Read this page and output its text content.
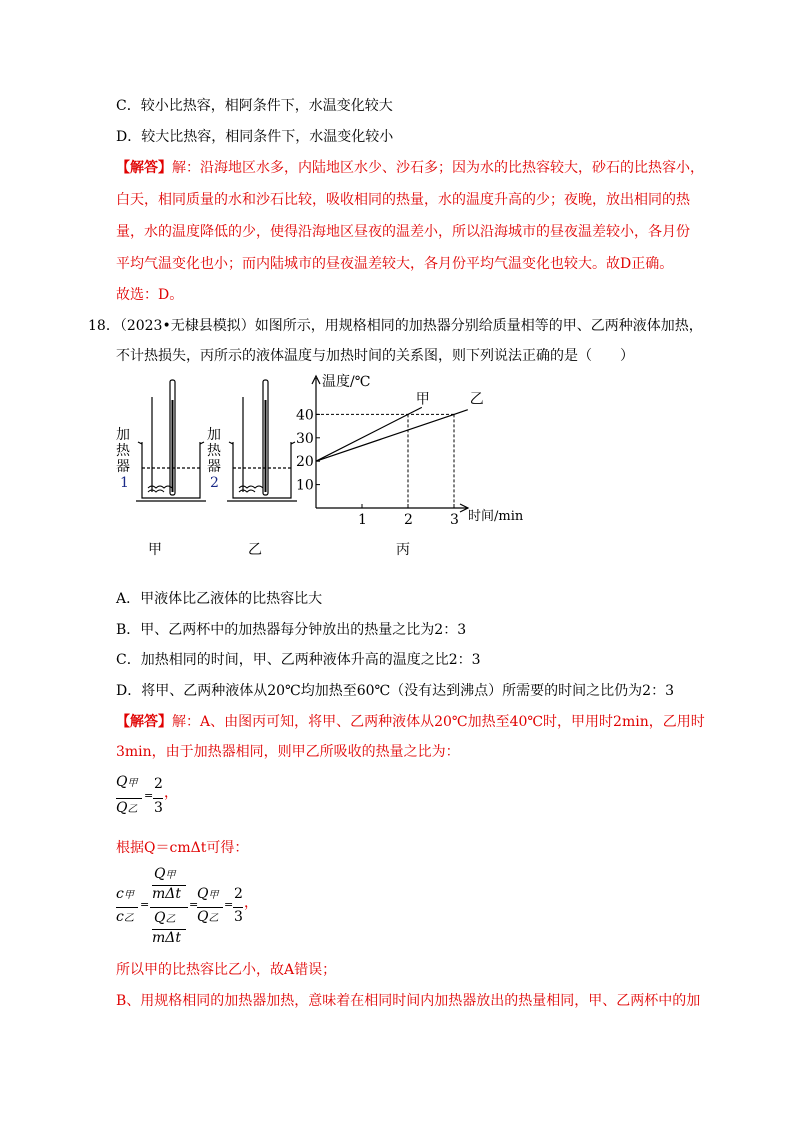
C．较小比热容，相阿条件下，水温变化较大
D．较大比热容，相同条件下，水温变化较小
【解答】解：沿海地区水多，内陆地区水少、沙石多；因为水的比热容较大，砂石的比热容小，
白天，相同质量的水和沙石比较，吸收相同的热量，水的温度升高的少；夜晚，放出相同的热
量，水的温度降低的少，使得沿海地区昼夜的温差小，所以沿海城市的昼夜温差较小，各月份
平均气温变化也小；而内陆城市的昼夜温差较大，各月份平均气温变化也较大。故D正确。
故选：D。
18．（2023•无棣县模拟）如图所示，用规格相同的加热器分别给质量相等的甲、乙两种液体加热，
不计热损失，丙所示的液体温度与加热时间的关系图，则下列说法正确的是（　　）
加
热
器
1
加
热
器
2
温度/℃
时间/min
甲	乙
10
20
30
40
1	2	3
甲	乙	丙
A．甲液体比乙液体的比热容比大
B．甲、乙两杯中的加热器每分钟放出的热量之比为2：3
C．加热相同的时间，甲、乙两种液体升高的温度之比2：3
D．将甲、乙两种液体从20℃均加热至60℃（没有达到沸点）所需要的时间之比仍为2：3
【解答】解：A、由图丙可知，将甲、乙两种液体从20℃加热至40℃时，甲用时2min，乙用时
3min，由于加热器相同，则甲乙所吸收的热量之比为：
Q甲
Q乙
=
2
3
，
根据Q＝cmΔt可得：
c甲
c乙
=
Q甲
mΔt
Q乙
mΔt
=
Q甲
Q乙
=
2
3
，
所以甲的比热容比乙小，故A错误；
B、用规格相同的加热器加热，意味着在相同时间内加热器放出的热量相同，甲、乙两杯中的加
